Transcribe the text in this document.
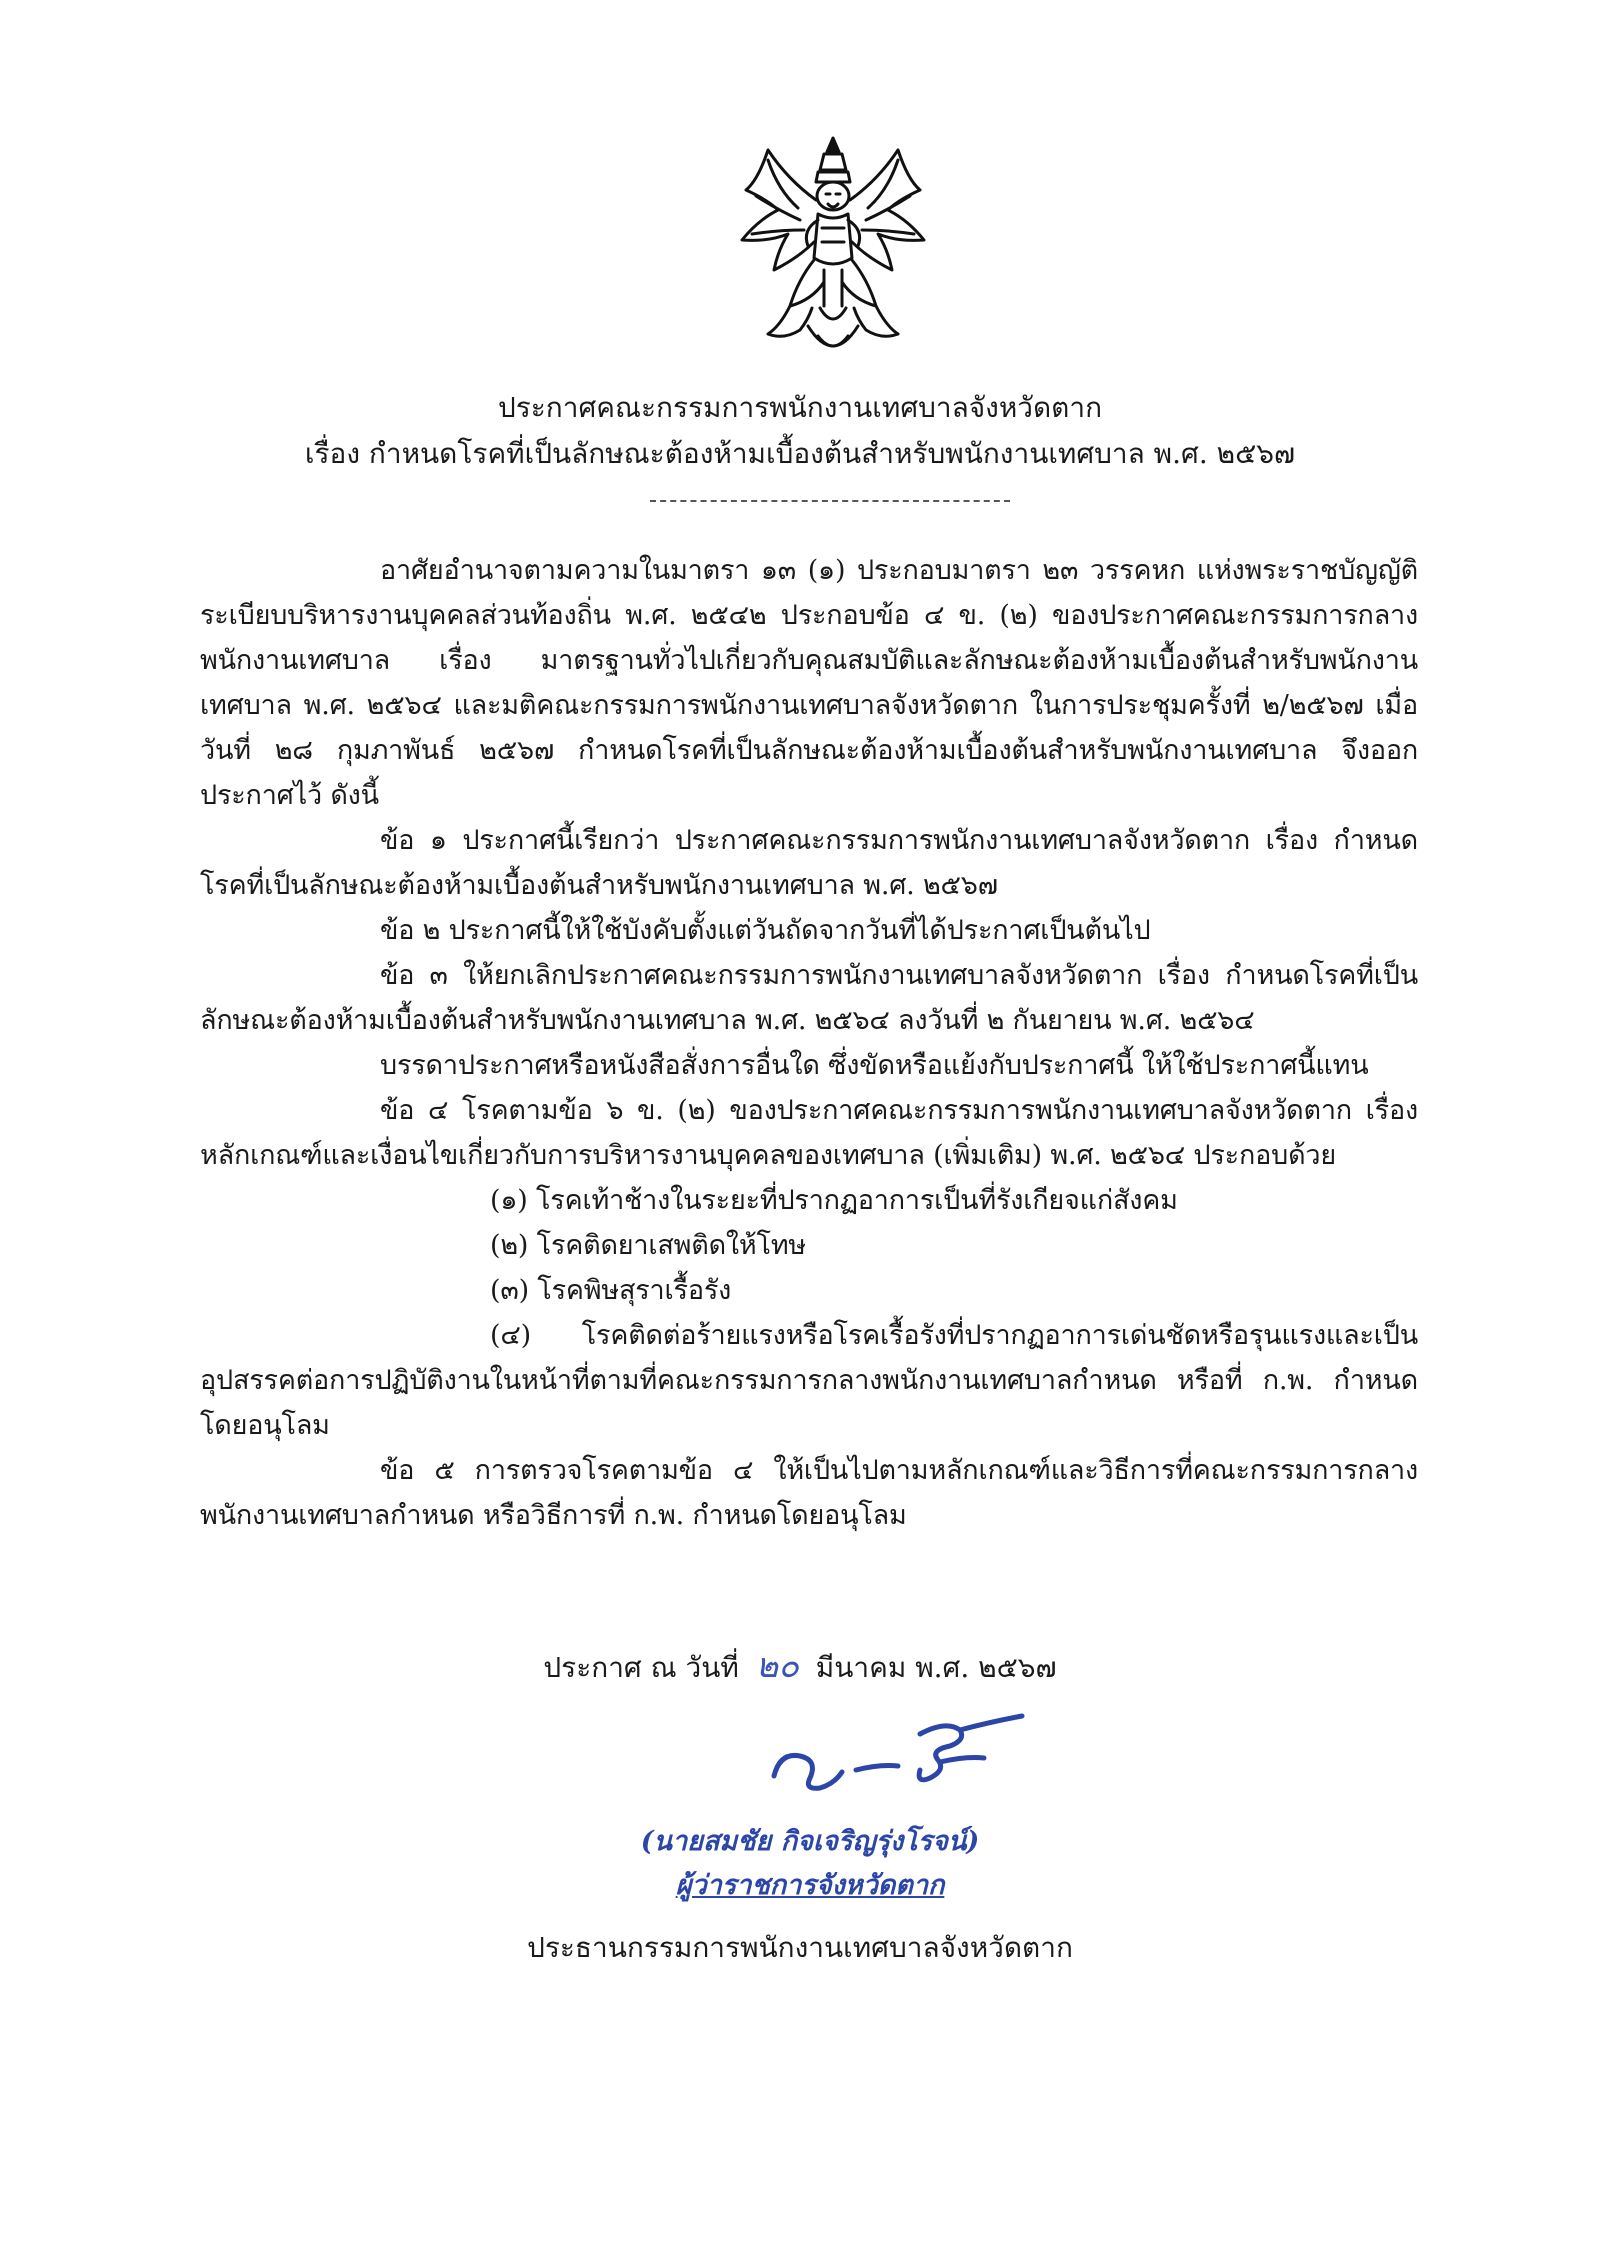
ประกาศคณะกรรมการพนักงานเทศบาลจังหวัดตาก
เรื่อง กำหนดโรคที่เป็นลักษณะต้องห้ามเบื้องต้นสำหรับพนักงานเทศบาล พ.ศ. ๒๕๖๗

อาศัยอำนาจตามความในมาตรา ๑๓ (๑) ประกอบมาตรา ๒๓ วรรคหก แห่งพระราชบัญญัติระเบียบบริหารงานบุคคลส่วนท้องถิ่น พ.ศ. ๒๕๔๒ ประกอบข้อ ๔ ข. (๒) ของประกาศคณะกรรมการกลางพนักงานเทศบาล เรื่อง มาตรฐานทั่วไปเกี่ยวกับคุณสมบัติและลักษณะต้องห้ามเบื้องต้นสำหรับพนักงานเทศบาล พ.ศ. ๒๕๖๔ และมติคณะกรรมการพนักงานเทศบาลจังหวัดตาก ในการประชุมครั้งที่ ๒/๒๕๖๗ เมื่อวันที่ ๒๘ กุมภาพันธ์ ๒๕๖๗ กำหนดโรคที่เป็นลักษณะต้องห้ามเบื้องต้นสำหรับพนักงานเทศบาล จึงออกประกาศไว้ ดังนี้

ข้อ ๑ ประกาศนี้เรียกว่า ประกาศคณะกรรมการพนักงานเทศบาลจังหวัดตาก เรื่อง กำหนดโรคที่เป็นลักษณะต้องห้ามเบื้องต้นสำหรับพนักงานเทศบาล พ.ศ. ๒๕๖๗

ข้อ ๒ ประกาศนี้ให้ใช้บังคับตั้งแต่วันถัดจากวันที่ได้ประกาศเป็นต้นไป

ข้อ ๓ ให้ยกเลิกประกาศคณะกรรมการพนักงานเทศบาลจังหวัดตาก เรื่อง กำหนดโรคที่เป็นลักษณะต้องห้ามเบื้องต้นสำหรับพนักงานเทศบาล พ.ศ. ๒๕๖๔ ลงวันที่ ๒ กันยายน พ.ศ. ๒๕๖๔

บรรดาประกาศหรือหนังสือสั่งการอื่นใด ซึ่งขัดหรือแย้งกับประกาศนี้ ให้ใช้ประกาศนี้แทน

ข้อ ๔ โรคตามข้อ ๖ ข. (๒) ของประกาศคณะกรรมการพนักงานเทศบาลจังหวัดตาก เรื่อง หลักเกณฑ์และเงื่อนไขเกี่ยวกับการบริหารงานบุคคลของเทศบาล (เพิ่มเติม) พ.ศ. ๒๕๖๔ ประกอบด้วย

(๑) โรคเท้าช้างในระยะที่ปรากฏอาการเป็นที่รังเกียจแก่สังคม

(๒) โรคติดยาเสพติดให้โทษ

(๓) โรคพิษสุราเรื้อรัง

(๔) โรคติดต่อร้ายแรงหรือโรคเรื้อรังที่ปรากฏอาการเด่นชัดหรือรุนแรงและเป็นอุปสรรคต่อการปฏิบัติงานในหน้าที่ตามที่คณะกรรมการกลางพนักงานเทศบาลกำหนด หรือที่ ก.พ. กำหนดโดยอนุโลม

ข้อ ๕ การตรวจโรคตามข้อ ๔ ให้เป็นไปตามหลักเกณฑ์และวิธีการที่คณะกรรมการกลางพนักงานเทศบาลกำหนด หรือวิธีการที่ ก.พ. กำหนดโดยอนุโลม

ประกาศ ณ วันที่ ๒๐ มีนาคม พ.ศ. ๒๕๖๗
(นายสมชัย กิจเจริญรุ่งโรจน์)
ผู้ว่าราชการจังหวัดตาก
ประธานกรรมการพนักงานเทศบาลจังหวัดตาก
